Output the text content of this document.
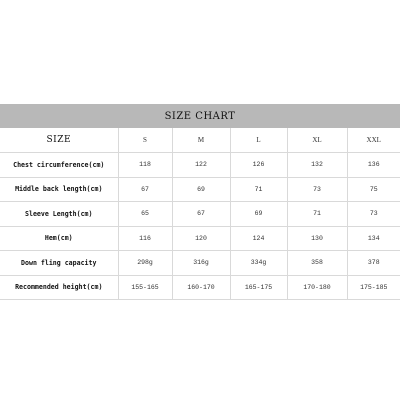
SIZE CHART
SIZE	S	M	L	XL	XXL
Chest circumference(cm)	118	122	126	132	136
Middle back length(cm)	67	69	71	73	75
Sleeve Length(cm)	65	67	69	71	73
Hem(cm)	116	120	124	130	134
Down fling capacity	298g	316g	334g	358	378
Recommended height(cm)	155-165	160-170	165-175	170-180	175-185
